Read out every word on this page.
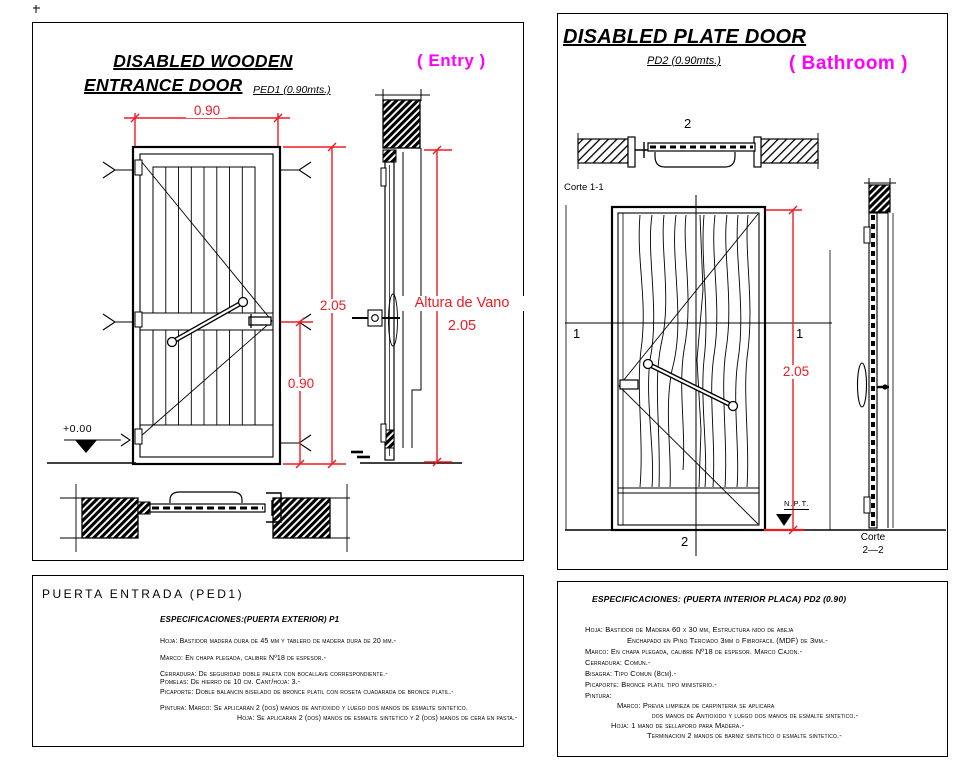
DISABLED WOODEN
ENTRANCE DOOR PED1 (0.90mts.)
( Entry )
0.90
2.05
0.90
+0.00
Altura de Vano
2.05
DISABLED PLATE DOOR
PD2 (0.90mts.)	( Bathroom )
2
Corte 1-1
1	1
2.05
N.P.T.
2	Corte
2—2
PUERTA ENTRADA (PED1)
ESPECIFICACIONES:(PUERTA EXTERIOR) P1
Hoja: Bastidor madera dura de 45 mm y tablero de madera dura de 20 mm.-
Marco: En chapa plegada, calibre Nº18 de espesor.-
Cerradura: De seguridad doble paleta con bocallave correspondiente.-
Pomelas: De hierro de 10 cm. Cant/hoja: 3.-
Picaporte: Doble balancin biselado de bronce platil con roseta cuadarada de bronce platil.-
Pintura: Marco: Se aplicaran 2 (dos) manos de antioxido y luego dos manos de esmalte sintetico.
Hoja: Se aplicaran 2 (dos) manos de esmalte sintetico y 2 (dos) manos de cera en pasta.-
ESPECIFICACIONES: (PUERTA INTERIOR PLACA) PD2 (0.90)
Hoja: Bastidor de Madera 60 x 30 mm, Estructura nido de abeja
Enchapado en Pino Terciado 3mm o Fibrofacil (MDF) de 3mm.-
Marco: En chapa plegada, calibre Nº18 de espesor. Marco Cajon.-
Cerradura: Comun.-
Bisagra: Tipo Comun (8cm).-
Picaporte: Bronce platil tipo ministerio.-
Pintura:
Marco: Previa limpieza de carpinteria se aplicara
dos manos de Antioxido y luego dos manos de esmalte sintetico.-
Hoja: 1 mano de sellaporo para Madera.-
Terminacion 2 manos de barniz sintetico o esmalte sintetico.-
